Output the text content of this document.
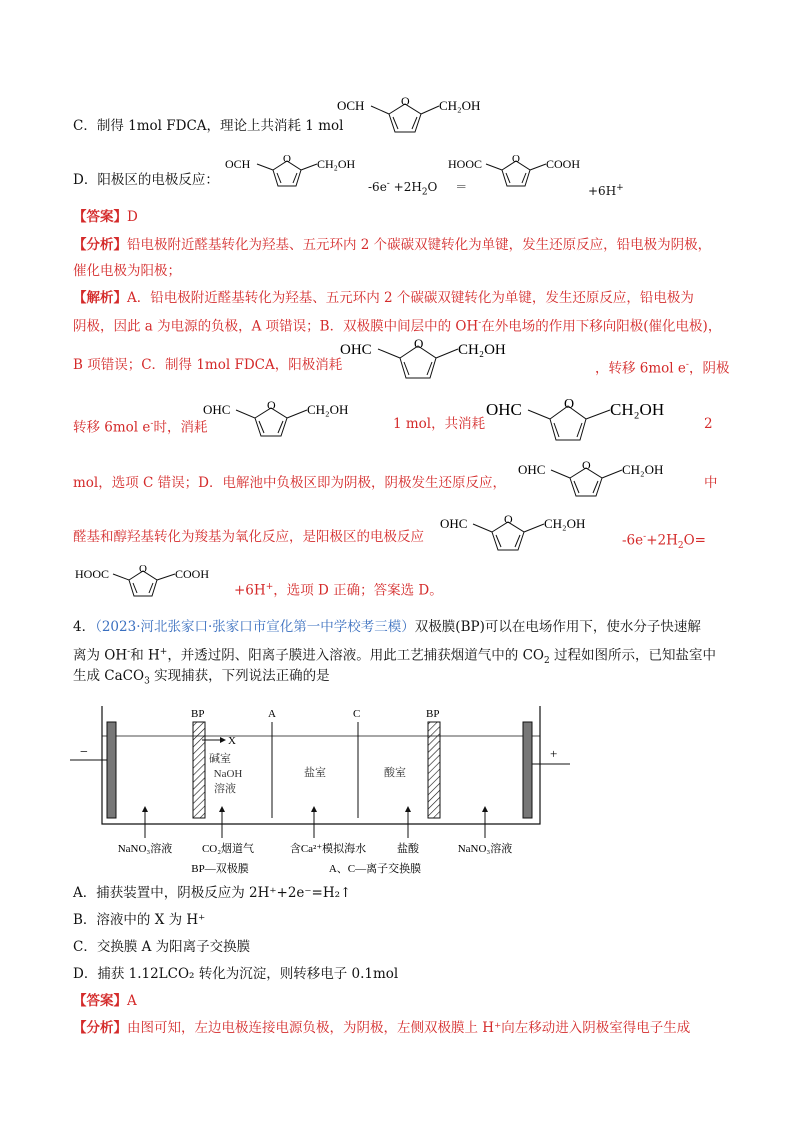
C．制得 1mol FDCA，理论上共消耗 1 mol
OCH	O CH₂OH
D．阳极区的电极反应：
OCH	O CH₂OH
$-6e^- +2H_2O$ ＝
HOOC	O COOH
+6H+
【答案】D
【分析】铅电极附近醛基转化为羟基、五元环内 2 个碳碳双键转化为单键，发生还原反应，铅电极为阴极，
催化电极为阳极；
【解析】A．铅电极附近醛基转化为羟基、五元环内 2 个碳碳双键转化为单键，发生还原反应，铅电极为
阴极，因此 a 为电源的负极，A 项错误；B．双极膜中间层中的 OH-在外电场的作用下移向阳极(催化电极)，
B 项错误；C．制得 1mol FDCA，阳极消耗
OHC	O CH₂OH
，转移 6mol e-，阴极
转移 6mol e-时，消耗
OHC	O CH₂OH
1 mol，共消耗
OHC	O CH₂OH
2
mol，选项 C 错误；D．电解池中负极区即为阴极，阴极发生还原反应，
OHC	O CH₂OH
中
醛基和醇羟基转化为羧基为氧化反应，是阳极区的电极反应
OHC	O CH₂OH
$-6e^-+2H_2O=$
HOOC	O COOH
+6H+，选项 D 正确；答案选 D。
4．（2023·河北张家口·张家口市宣化第一中学校考三模）双极膜(BP)可以在电场作用下，使水分子快速解
离为 OH-和 H+，并透过阴、阳离子膜进入溶液。用此工艺捕获烟道气中的 $CO_2$ 过程如图所示，已知盐室中
生成 CaCO$_3$ 实现捕获，下列说法正确的是
−	+
BP	BP
A	C
X
碱室
NaOH
溶液
盐室	酸室
NaNO₃溶液	CO₂烟道气	含Ca²⁺模拟海水	盐酸	NaNO₃溶液
BP—双极膜	A、C—离子交换膜
A．捕获装置中，阴极反应为 2H⁺+2e⁻=H₂↑
B．溶液中的 X 为 H⁺
C．交换膜 A 为阳离子交换膜
D．捕获 1.12LCO₂ 转化为沉淀，则转移电子 0.1mol
【答案】A
【分析】由图可知，左边电极连接电源负极，为阴极，左侧双极膜上 H⁺向左移动进入阴极室得电子生成
